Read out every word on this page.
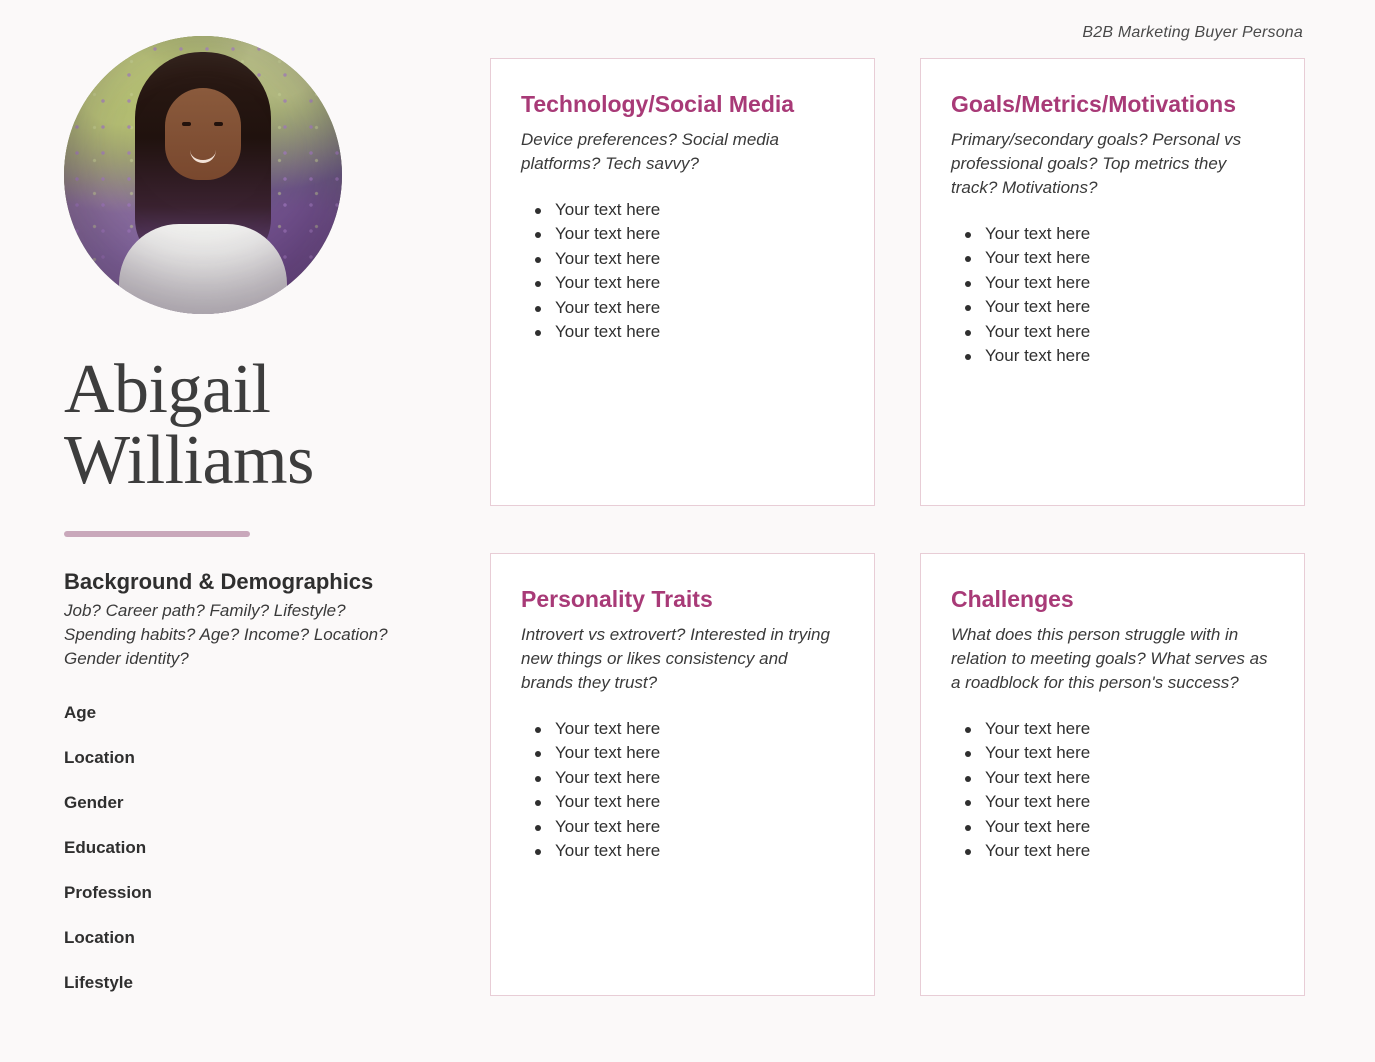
B2B Marketing Buyer Persona
Abigail
Williams
Background & Demographics
Job? Career path? Family? Lifestyle? Spending habits? Age? Income? Location? Gender identity?
Age
Location
Gender
Education
Profession
Location
Lifestyle
Technology/Social Media
Device preferences? Social media platforms? Tech savvy?
Your text here
Your text here
Your text here
Your text here
Your text here
Your text here
Goals/Metrics/Motivations
Primary/secondary goals? Personal vs professional goals? Top metrics they track? Motivations?
Your text here
Your text here
Your text here
Your text here
Your text here
Your text here
Personality Traits
Introvert vs extrovert? Interested in trying new things or likes consistency and brands they trust?
Your text here
Your text here
Your text here
Your text here
Your text here
Your text here
Challenges
What does this person struggle with in relation to meeting goals? What serves as a roadblock for this person's success?
Your text here
Your text here
Your text here
Your text here
Your text here
Your text here
